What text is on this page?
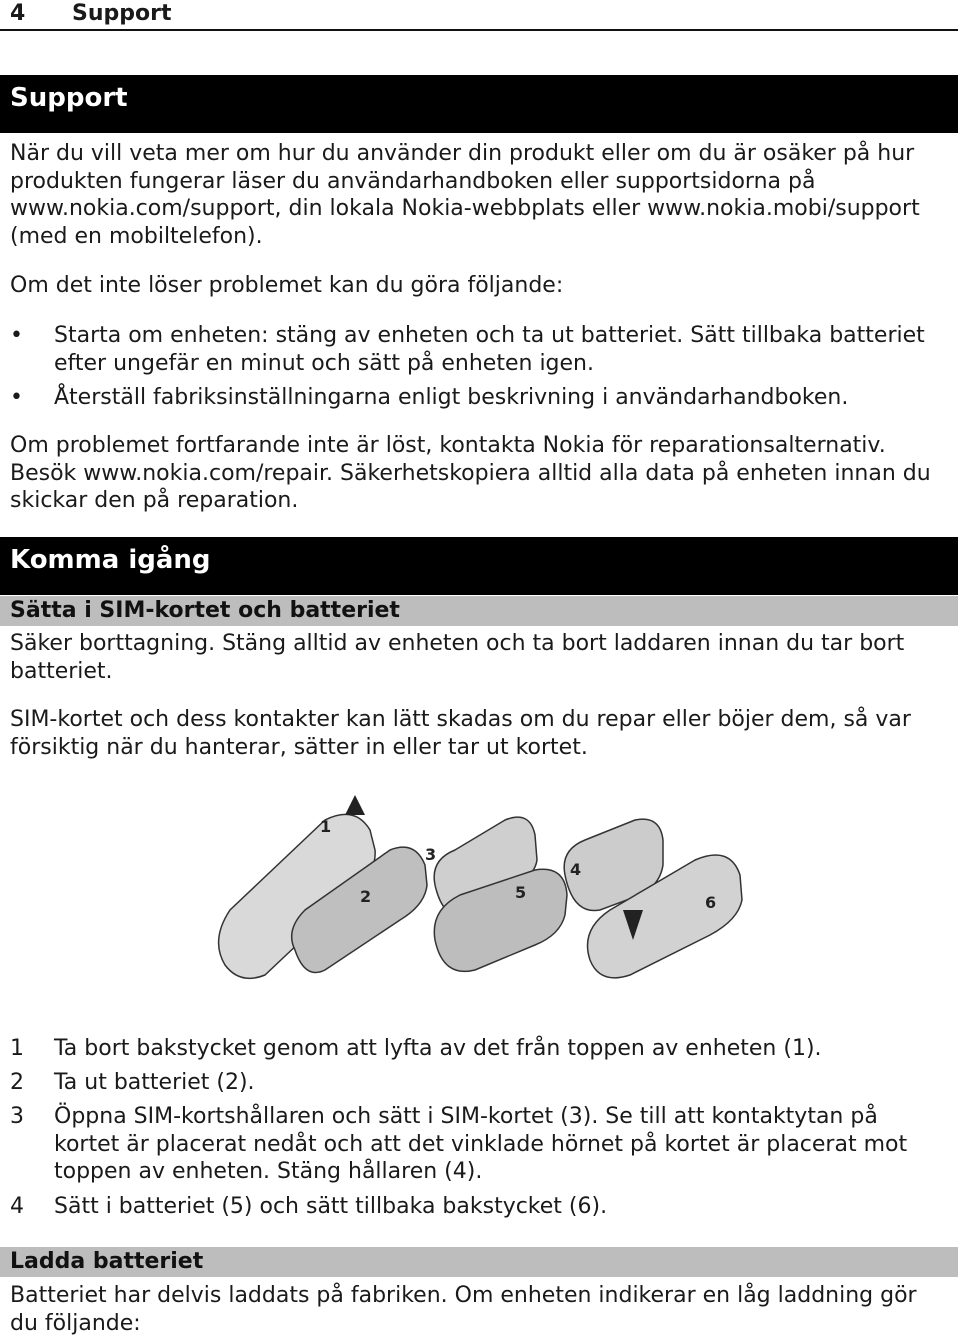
4 Support
Support
När du vill veta mer om hur du använder din produkt eller om du är osäker på hur produkten fungerar läser du användarhandboken eller supportsidorna på www.nokia.com/support, din lokala Nokia-webbplats eller www.nokia.mobi/support (med en mobiltelefon).
Om det inte löser problemet kan du göra följande:
•	Starta om enheten: stäng av enheten och ta ut batteriet. Sätt tillbaka batteriet efter ungefär en minut och sätt på enheten igen.
•	Återställ fabriksinställningarna enligt beskrivning i användarhandboken.
Om problemet fortfarande inte är löst, kontakta Nokia för reparationsalternativ. Besök www.nokia.com/repair. Säkerhetskopiera alltid alla data på enheten innan du skickar den på reparation.
Komma igång
Sätta i SIM-kortet och batteriet
Säker borttagning. Stäng alltid av enheten och ta bort laddaren innan du tar bort batteriet.
SIM-kortet och dess kontakter kan lätt skadas om du repar eller böjer dem, så var försiktig när du hanterar, sätter in eller tar ut kortet.
1
2
3
4
5
6
1 Ta bort bakstycket genom att lyfta av det från toppen av enheten (1).
2 Ta ut batteriet (2).
3 Öppna SIM-kortshållaren och sätt i SIM-kortet (3). Se till att kontaktytan på kortet är placerat nedåt och att det vinklade hörnet på kortet är placerat mot toppen av enheten. Stäng hållaren (4).
4 Sätt i batteriet (5) och sätt tillbaka bakstycket (6).
Ladda batteriet
Batteriet har delvis laddats på fabriken. Om enheten indikerar en låg laddning gör du följande:
